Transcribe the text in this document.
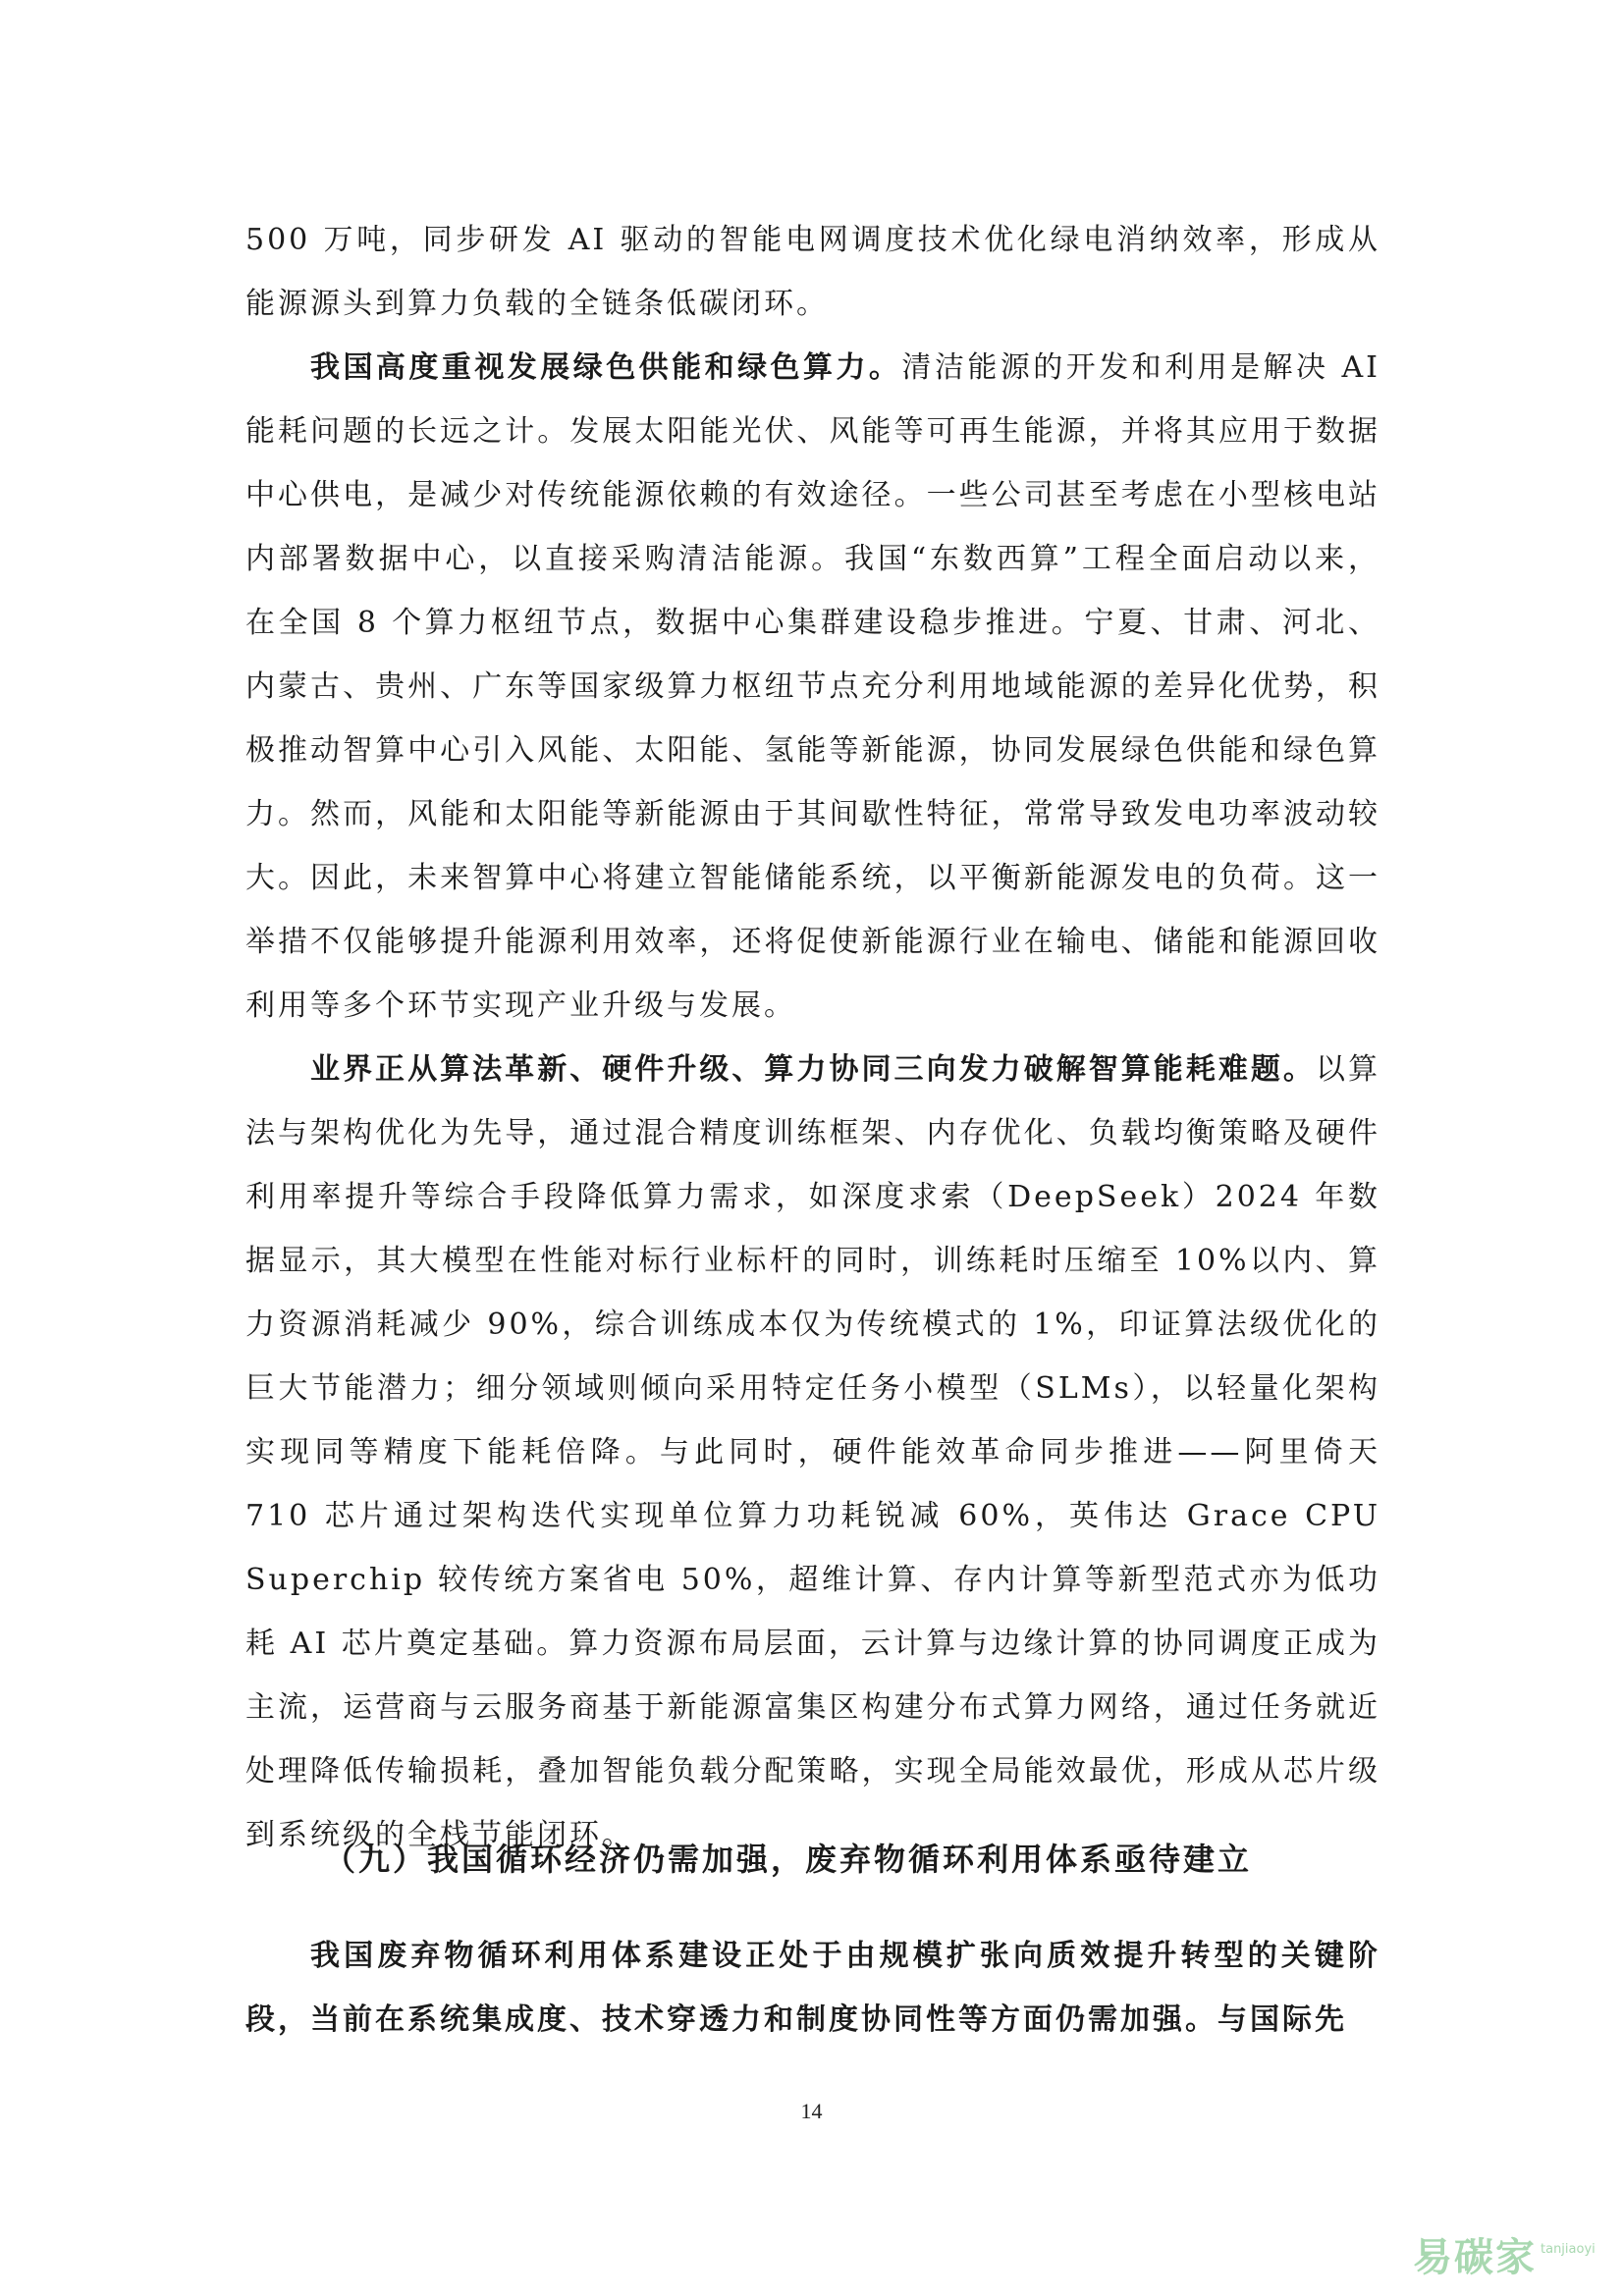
500 万吨，同步研发 AI 驱动的智能电网调度技术优化绿电消纳效率，形成从能源源头到算力负载的全链条低碳闭环。

我国高度重视发展绿色供能和绿色算力。清洁能源的开发和利用是解决 AI 能耗问题的长远之计。发展太阳能光伏、风能等可再生能源，并将其应用于数据中心供电，是减少对传统能源依赖的有效途径。一些公司甚至考虑在小型核电站内部署数据中心，以直接采购清洁能源。我国“东数西算”工程全面启动以来，在全国 8 个算力枢纽节点，数据中心集群建设稳步推进。宁夏、甘肃、河北、内蒙古、贵州、广东等国家级算力枢纽节点充分利用地域能源的差异化优势，积极推动智算中心引入风能、太阳能、氢能等新能源，协同发展绿色供能和绿色算力。然而，风能和太阳能等新能源由于其间歇性特征，常常导致发电功率波动较大。因此，未来智算中心将建立智能储能系统，以平衡新能源发电的负荷。这一举措不仅能够提升能源利用效率，还将促使新能源行业在输电、储能和能源回收利用等多个环节实现产业升级与发展。

业界正从算法革新、硬件升级、算力协同三向发力破解智算能耗难题。以算法与架构优化为先导，通过混合精度训练框架、内存优化、负载均衡策略及硬件利用率提升等综合手段降低算力需求，如深度求索（DeepSeek）2024 年数据显示，其大模型在性能对标行业标杆的同时，训练耗时压缩至 10%以内、算力资源消耗减少 90%，综合训练成本仅为传统模式的 1%，印证算法级优化的巨大节能潜力；细分领域则倾向采用特定任务小模型（SLMs），以轻量化架构实现同等精度下能耗倍降。与此同时，硬件能效革命同步推进——阿里倚天 710 芯片通过架构迭代实现单位算力功耗锐减 60%，英伟达 Grace CPU Superchip 较传统方案省电 50%，超维计算、存内计算等新型范式亦为低功耗 AI 芯片奠定基础。算力资源布局层面，云计算与边缘计算的协同调度正成为主流，运营商与云服务商基于新能源富集区构建分布式算力网络，通过任务就近处理降低传输损耗，叠加智能负载分配策略，实现全局能效最优，形成从芯片级到系统级的全栈节能闭环。

（九）我国循环经济仍需加强，废弃物循环利用体系亟待建立

我国废弃物循环利用体系建设正处于由规模扩张向质效提升转型的关键阶段，当前在系统集成度、技术穿透力和制度协同性等方面仍需加强。与国际先

14
易碳家 tanjiaoyi
